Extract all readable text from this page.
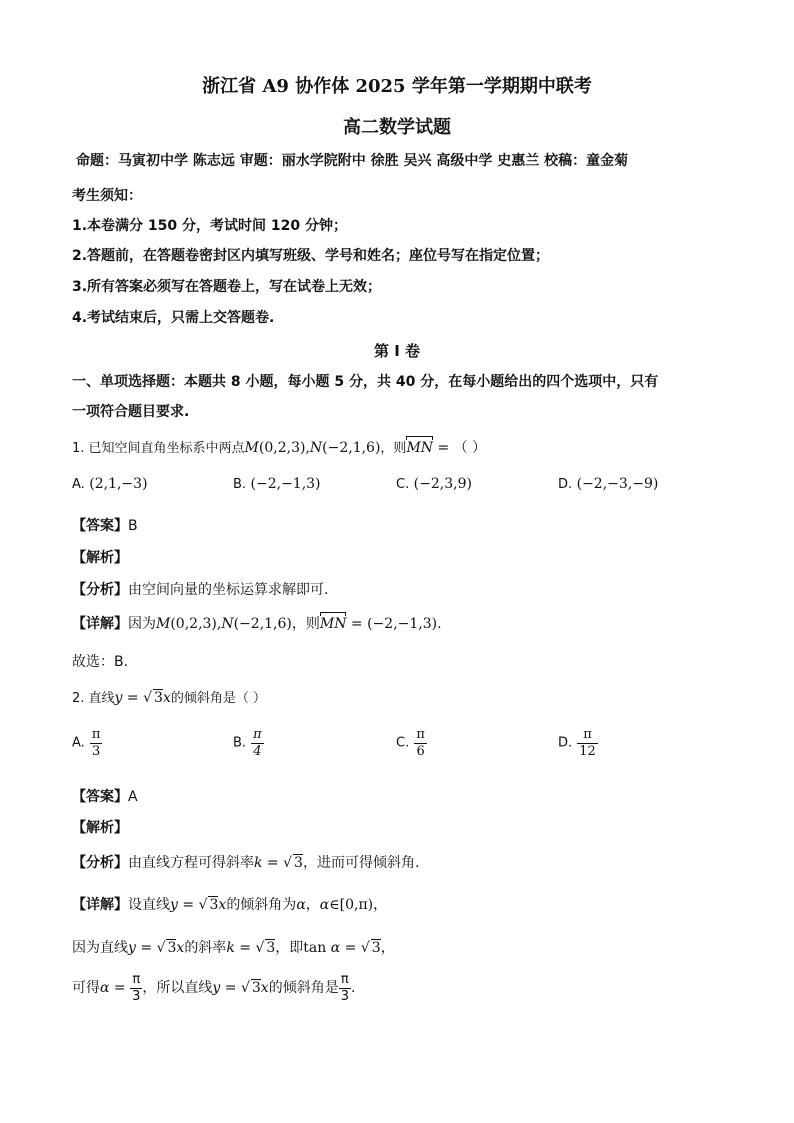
浙江省 A9 协作体 2025 学年第一学期期中联考
高二数学试题
命题：马寅初中学 陈志远 审题：丽水学院附中 徐胜 吴兴 高级中学 史惠兰 校稿：童金菊
考生须知：
1.本卷满分 150 分，考试时间 120 分钟；
2.答题前，在答题卷密封区内填写班级、学号和姓名；座位号写在指定位置；
3.所有答案必须写在答题卷上，写在试卷上无效；
4.考试结束后，只需上交答题卷.
第 I 卷
一、单项选择题：本题共 8 小题，每小题 5 分，共 40 分，在每小题给出的四个选项中，只有
一项符合题目要求.
1. 已知空间直角坐标系中两点M(0,2,3),N(−2,1,6)，则MN = （ ）
A. (2,1,−3)	B. (−2,−1,3)	C. (−2,3,9)	D. (−2,−3,−9)
【答案】B
【解析】
【分析】由空间向量的坐标运算求解即可.
【详解】因为M(0,2,3),N(−2,1,6)，则MN = (−2,−1,3).
故选：B.
2. 直线y = √ 3x的倾斜角是（ ）
A. $\frac{\pi}{3}$	B. $\frac{\pi}{4}$	C. $\frac{\pi}{6}$	D. $\frac{\pi}{12}$
【答案】A
【解析】
【分析】由直线方程可得斜率k = √ 3，进而可得倾斜角.
【详解】设直线y = √ 3x的倾斜角为α，α∈[0,π)，
因为直线y = √ 3x的斜率k = √ 3，即tan α = √ 3，
可得$\alpha = \frac{\pi}{3}$ ，所以直线y = √ 3x的倾斜角是 $\frac{\pi}{3}$ .
